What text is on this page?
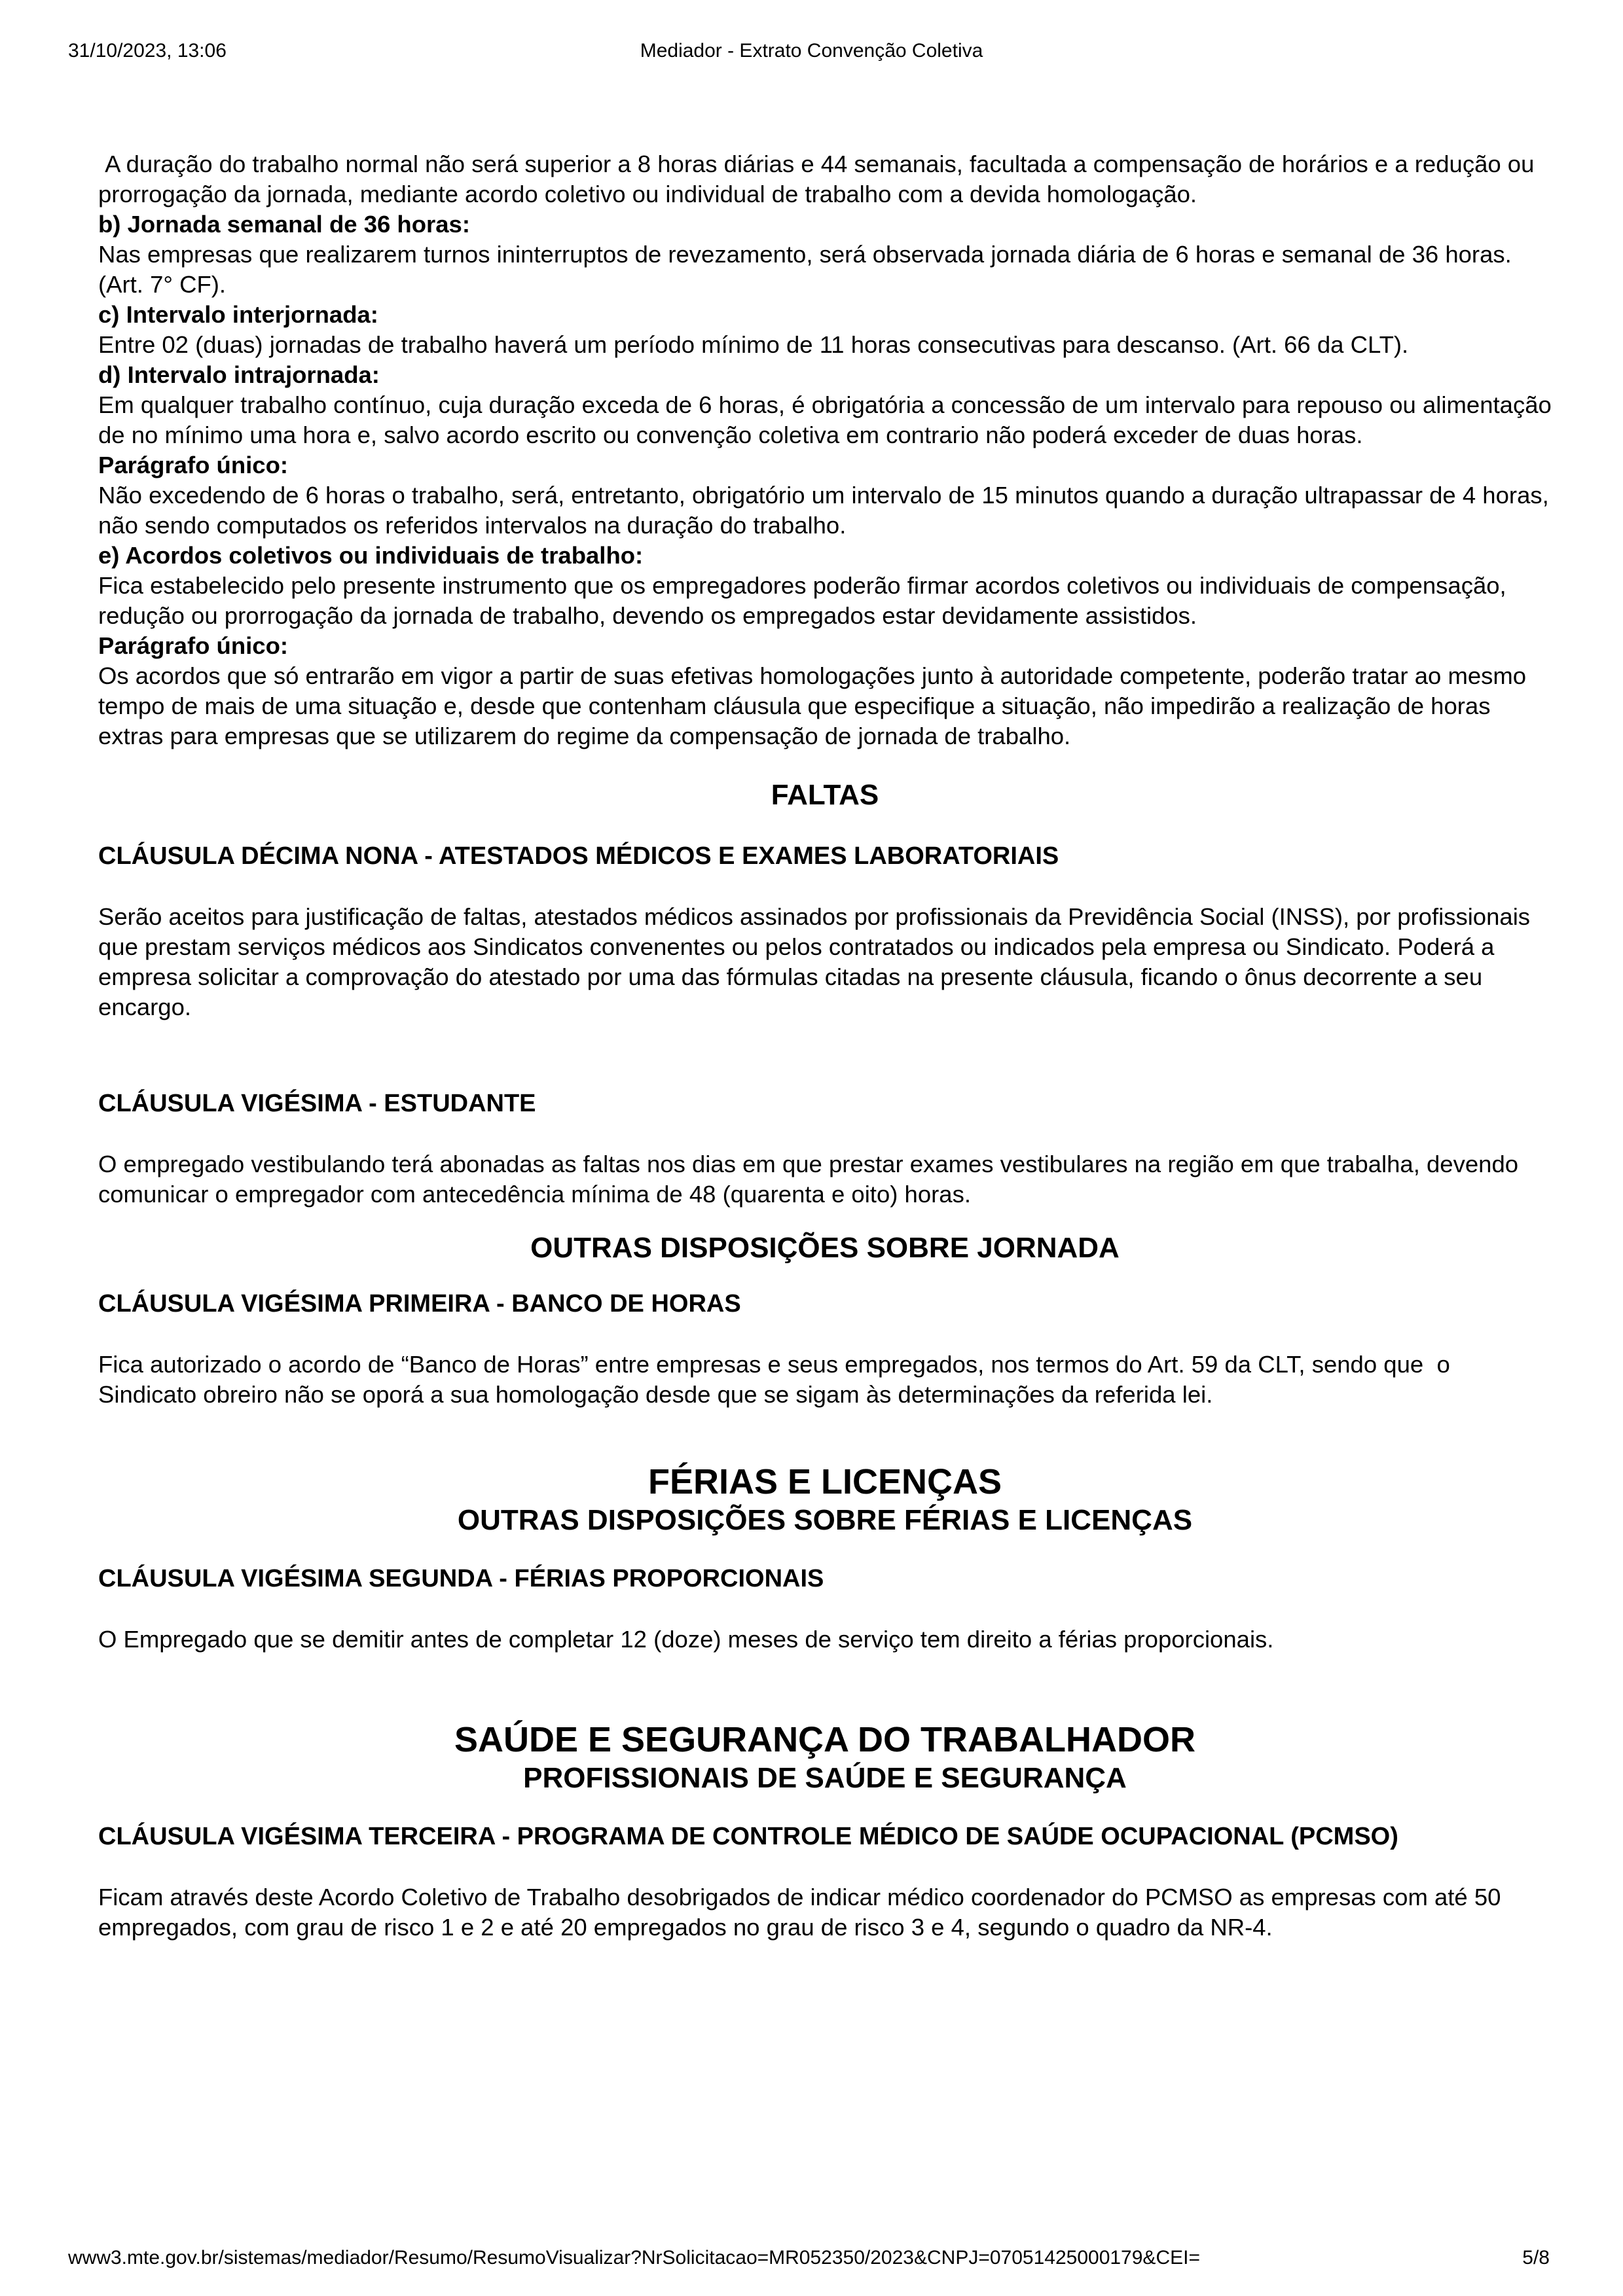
Mediador - Extrato Convenção Coletiva
31/10/2023, 13:06

A duração do trabalho normal não será superior a 8 horas diárias e 44 semanais, facultada a compensação de horários e a redução ou prorrogação da jornada, mediante acordo coletivo ou individual de trabalho com a devida homologação.

b) Jornada semanal de 36 horas:

Nas empresas que realizarem turnos ininterruptos de revezamento, será observada jornada diária de 6 horas e semanal de 36 horas. (Art. 7° CF).

c) Intervalo interjornada:

Entre 02 (duas) jornadas de trabalho haverá um período mínimo de 11 horas consecutivas para descanso. (Art. 66 da CLT).

d) Intervalo intrajornada:

Em qualquer trabalho contínuo, cuja duração exceda de 6 horas, é obrigatória a concessão de um intervalo para repouso ou alimentação de no mínimo uma hora e, salvo acordo escrito ou convenção coletiva em contrario não poderá exceder de duas horas.

Parágrafo único:

Não excedendo de 6 horas o trabalho, será, entretanto, obrigatório um intervalo de 15 minutos quando a duração ultrapassar de 4 horas, não sendo computados os referidos intervalos na duração do trabalho.

e) Acordos coletivos ou individuais de trabalho:

Fica estabelecido pelo presente instrumento que os empregadores poderão firmar acordos coletivos ou individuais de compensação, redução ou prorrogação da jornada de trabalho, devendo os empregados estar devidamente assistidos.

Parágrafo único:

Os acordos que só entrarão em vigor a partir de suas efetivas homologações junto à autoridade competente, poderão tratar ao mesmo tempo de mais de uma situação e, desde que contenham cláusula que especifique a situação, não impedirão a realização de horas extras para empresas que se utilizarem do regime da compensação de jornada de trabalho.

FALTAS

CLÁUSULA DÉCIMA NONA - ATESTADOS MÉDICOS E EXAMES LABORATORIAIS

Serão aceitos para justificação de faltas, atestados médicos assinados por profissionais da Previdência Social (INSS), por profissionais que prestam serviços médicos aos Sindicatos convenentes ou pelos contratados ou indicados pela empresa ou Sindicato. Poderá a empresa solicitar a comprovação do atestado por uma das fórmulas citadas na presente cláusula, ficando o ônus decorrente a seu encargo.

CLÁUSULA VIGÉSIMA - ESTUDANTE

O empregado vestibulando terá abonadas as faltas nos dias em que prestar exames vestibulares na região em que trabalha, devendo comunicar o empregador com antecedência mínima de 48 (quarenta e oito) horas.

OUTRAS DISPOSIÇÕES SOBRE JORNADA

CLÁUSULA VIGÉSIMA PRIMEIRA - BANCO DE HORAS

Fica autorizado o acordo de “Banco de Horas” entre empresas e seus empregados, nos termos do Art. 59 da CLT, sendo que  o Sindicato obreiro não se oporá a sua homologação desde que se sigam às determinações da referida lei.

FÉRIAS E LICENÇAS

OUTRAS DISPOSIÇÕES SOBRE FÉRIAS E LICENÇAS

CLÁUSULA VIGÉSIMA SEGUNDA - FÉRIAS PROPORCIONAIS

O Empregado que se demitir antes de completar 12 (doze) meses de serviço tem direito a férias proporcionais.

SAÚDE E SEGURANÇA DO TRABALHADOR

PROFISSIONAIS DE SAÚDE E SEGURANÇA

CLÁUSULA VIGÉSIMA TERCEIRA - PROGRAMA DE CONTROLE MÉDICO DE SAÚDE OCUPACIONAL (PCMSO)

Ficam através deste Acordo Coletivo de Trabalho desobrigados de indicar médico coordenador do PCMSO as empresas com até 50 empregados, com grau de risco 1 e 2 e até 20 empregados no grau de risco 3 e 4, segundo o quadro da NR-4.

www3.mte.gov.br/sistemas/mediador/Resumo/ResumoVisualizar?NrSolicitacao=MR052350/2023&CNPJ=07051425000179&CEI=	5/8
